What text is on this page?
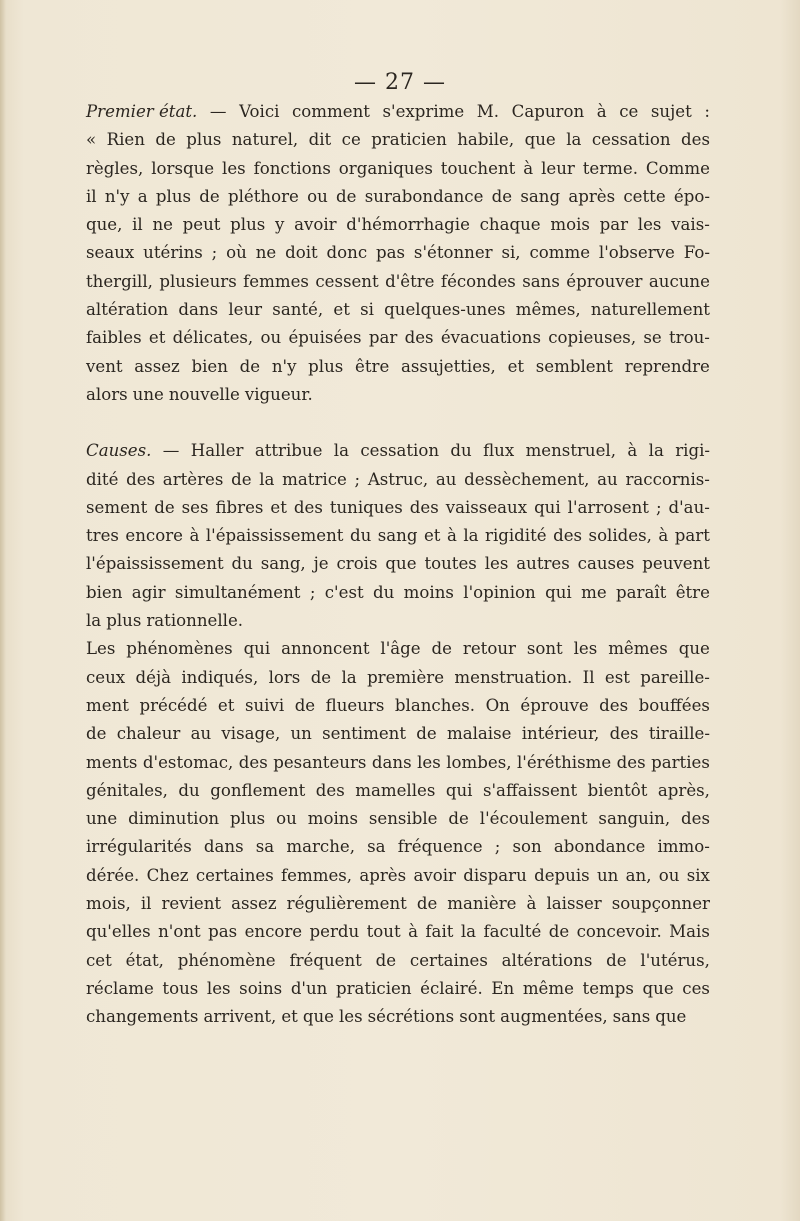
— 27 —
Premier état. — Voici comment s'exprime M. Capuron à ce sujet :
« Rien de plus naturel, dit ce praticien habile, que la cessation des
règles, lorsque les fonctions organiques touchent à leur terme. Comme
il n'y a plus de pléthore ou de surabondance de sang après cette épo-
que, il ne peut plus y avoir d'hémorrhagie chaque mois par les vais-
seaux utérins ; où ne doit donc pas s'étonner si, comme l'observe Fo-
thergill, plusieurs femmes cessent d'être fécondes sans éprouver aucune
altération dans leur santé, et si quelques-unes mêmes, naturellement
faibles et délicates, ou épuisées par des évacuations copieuses, se trou-
vent assez bien de n'y plus être assujetties, et semblent reprendre
alors une nouvelle vigueur.
Causes. — Haller attribue la cessation du flux menstruel, à la rigi-
dité des artères de la matrice ; Astruc, au dessèchement, au raccornis-
sement de ses fibres et des tuniques des vaisseaux qui l'arrosent ; d'au-
tres encore à l'épaississement du sang et à la rigidité des solides, à part
l'épaississement du sang, je crois que toutes les autres causes peuvent
bien agir simultanément ; c'est du moins l'opinion qui me paraît être
la plus rationnelle.
Les phénomènes qui annoncent l'âge de retour sont les mêmes que
ceux déjà indiqués, lors de la première menstruation. Il est pareille-
ment précédé et suivi de flueurs blanches. On éprouve des bouffées
de chaleur au visage, un sentiment de malaise intérieur, des tiraille-
ments d'estomac, des pesanteurs dans les lombes, l'éréthisme des parties
génitales, du gonflement des mamelles qui s'affaissent bientôt après,
une diminution plus ou moins sensible de l'écoulement sanguin, des
irrégularités dans sa marche, sa fréquence ; son abondance immo-
dérée. Chez certaines femmes, après avoir disparu depuis un an, ou six
mois, il revient assez régulièrement de manière à laisser soupçonner
qu'elles n'ont pas encore perdu tout à fait la faculté de concevoir. Mais
cet état, phénomène fréquent de certaines altérations de l'utérus,
réclame tous les soins d'un praticien éclairé. En même temps que ces
changements arrivent, et que les sécrétions sont augmentées, sans que
